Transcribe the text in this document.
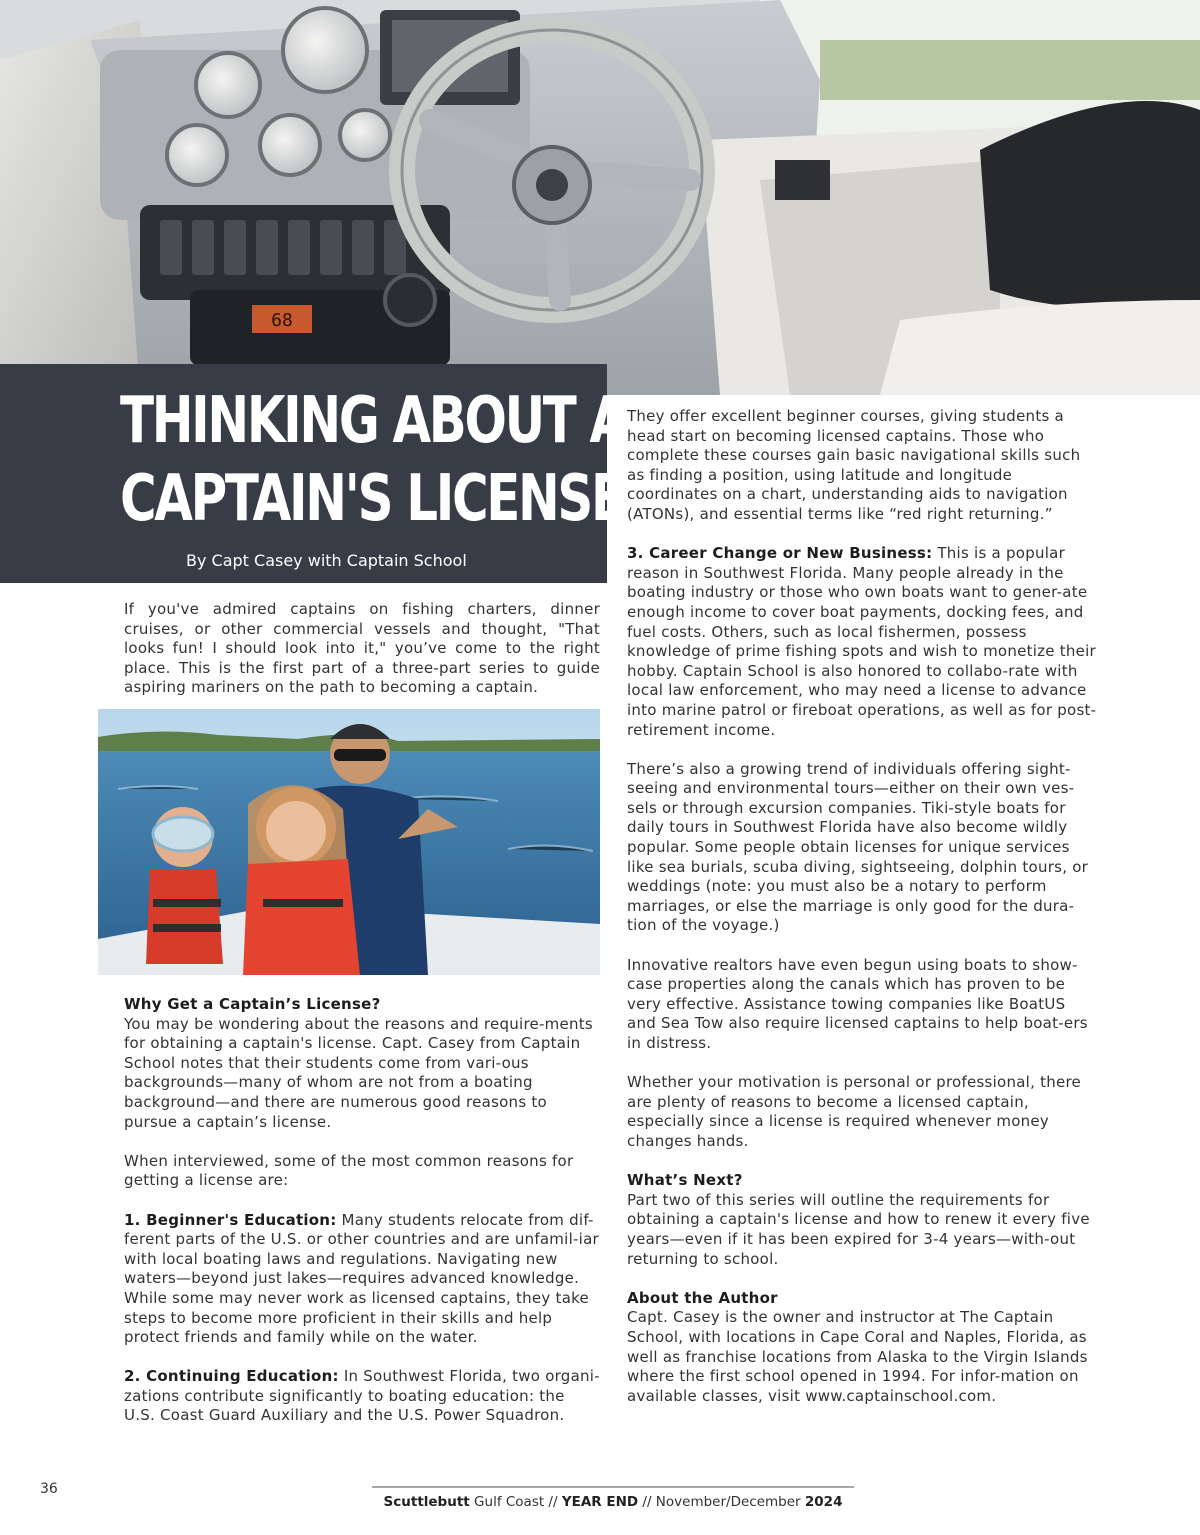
68
THINKING ABOUT A
CAPTAIN'S LICENSE?
By Capt Casey with Captain School
If you've admired captains on fishing charters, dinner cruises, or other commercial vessels and thought, "That looks fun! I should look into it," you’ve come to the right place. This is the first part of a three-part series to guide aspiring mariners on the path to becoming a captain.
Why Get a Captain’s License?
You may be wondering about the reasons and require-ments for obtaining a captain's license. Capt. Casey from Captain School notes that their students come from vari-ous backgrounds—many of whom are not from a boating background—and there are numerous good reasons to pursue a captain’s license.
When interviewed, some of the most common reasons for getting a license are:
1. Beginner's Education: Many students relocate from dif-ferent parts of the U.S. or other countries and are unfamil-iar with local boating laws and regulations. Navigating new waters—beyond just lakes—requires advanced knowledge. While some may never work as licensed captains, they take steps to become more proficient in their skills and help protect friends and family while on the water.
2. Continuing Education: In Southwest Florida, two organi-zations contribute significantly to boating education: the U.S. Coast Guard Auxiliary and the U.S. Power Squadron.
They offer excellent beginner courses, giving students a head start on becoming licensed captains. Those who complete these courses gain basic navigational skills such as finding a position, using latitude and longitude coordinates on a chart, understanding aids to navigation (ATONs), and essential terms like “red right returning.”
3. Career Change or New Business: This is a popular reason in Southwest Florida. Many people already in the boating industry or those who own boats want to gener-ate enough income to cover boat payments, docking fees, and fuel costs. Others, such as local fishermen, possess knowledge of prime fishing spots and wish to monetize their hobby. Captain School is also honored to collabo-rate with local law enforcement, who may need a license to advance into marine patrol or fireboat operations, as well as for post-retirement income.
There’s also a growing trend of individuals offering sight-seeing and environmental tours—either on their own ves-sels or through excursion companies. Tiki-style boats for daily tours in Southwest Florida have also become wildly popular. Some people obtain licenses for unique services like sea burials, scuba diving, sightseeing, dolphin tours, or weddings (note: you must also be a notary to perform marriages, or else the marriage is only good for the dura-tion of the voyage.)
Innovative realtors have even begun using boats to show-case properties along the canals which has proven to be very effective. Assistance towing companies like BoatUS and Sea Tow also require licensed captains to help boat-ers in distress.
Whether your motivation is personal or professional, there are plenty of reasons to become a licensed captain, especially since a license is required whenever money changes hands.
What’s Next?
Part two of this series will outline the requirements for obtaining a captain's license and how to renew it every five years—even if it has been expired for 3-4 years—with-out returning to school.
About the Author
Capt. Casey is the owner and instructor at The Captain School, with locations in Cape Coral and Naples, Florida, as well as franchise locations from Alaska to the Virgin Islands where the first school opened in 1994. For infor-mation on available classes, visit www.captainschool.com.
36
Scuttlebutt Gulf Coast // YEAR END // November/December 2024
